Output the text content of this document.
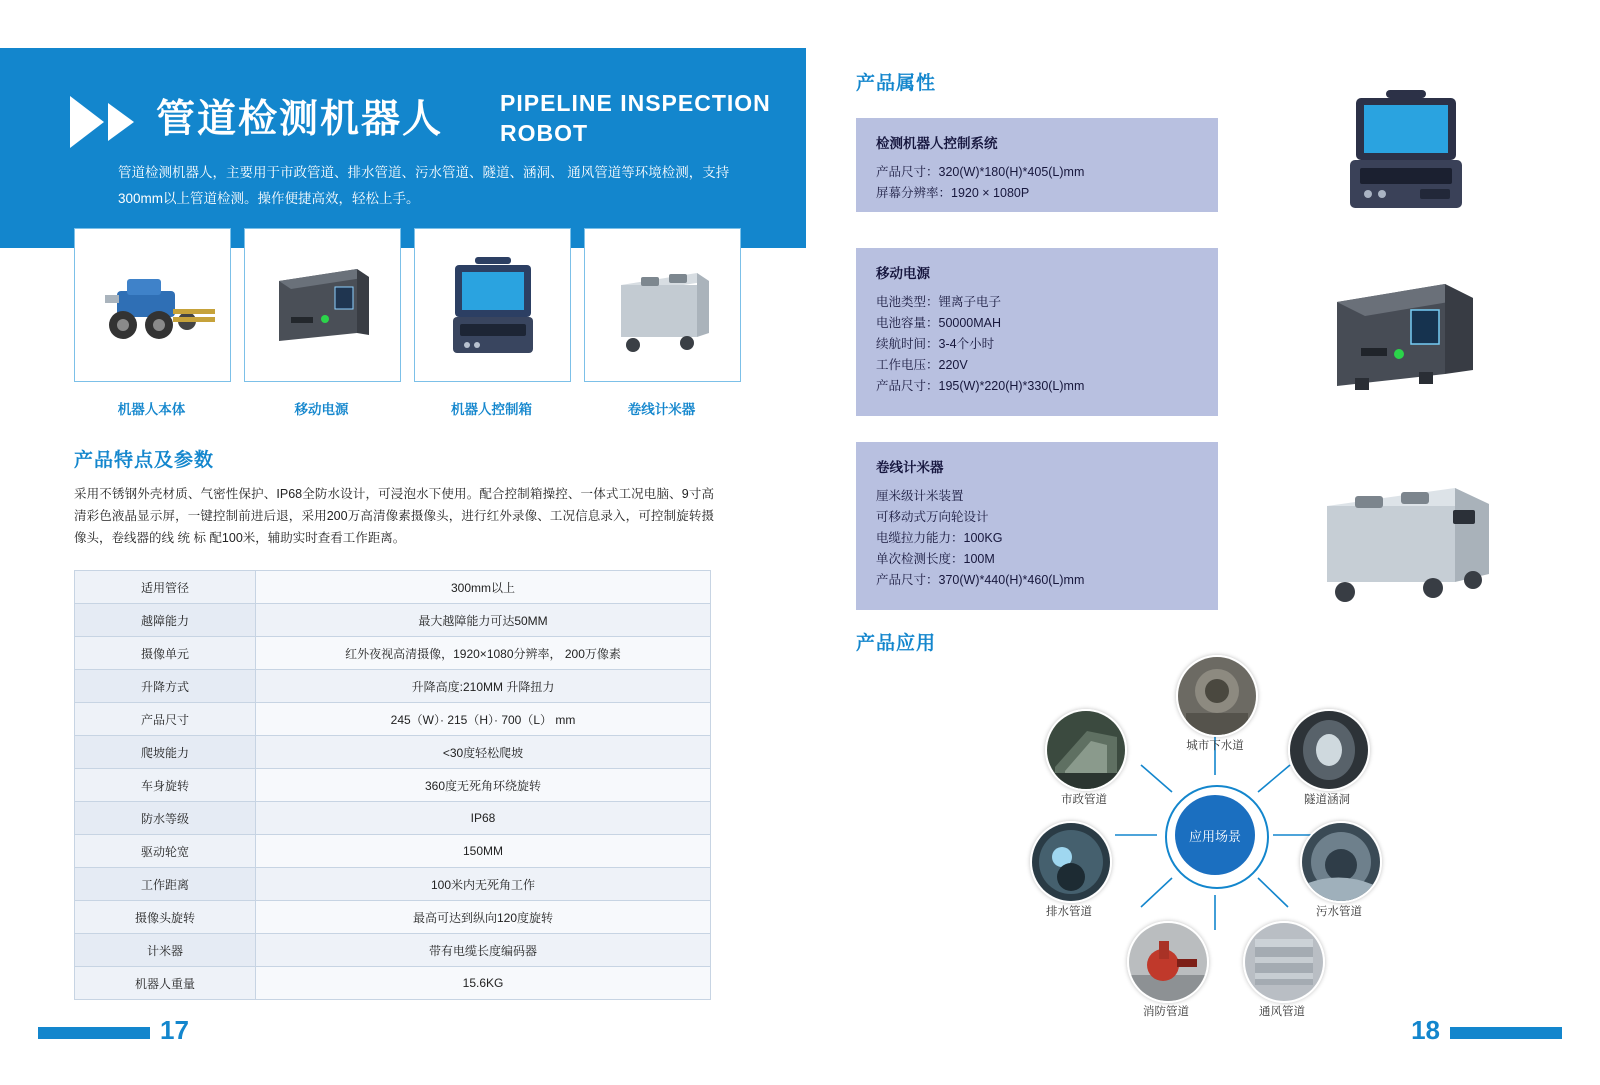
管道检测机器人 PIPELINE INSPECTION
ROBOT
管道检测机器人，主要用于市政管道、排水管道、污水管道、隧道、涵洞、 通风管道等环境检测，支持300mm以上管道检测。操作便捷高效，轻松上手。
机器人本体	移动电源	机器人控制箱	卷线计米器
产品特点及参数
采用不锈钢外壳材质、气密性保护、IP68全防水设计，可浸泡水下使用。配合控制箱操控、一体式工况电脑、9寸高清彩色液晶显示屏，一键控制前进后退，采用200万高清像素摄像头，进行红外录像、工况信息录入，可控制旋转摄像头，卷线器的线 统 标 配100米，辅助实时查看工作距离。
适用管径	300mm以上
越障能力	最大越障能力可达50MM
摄像单元	红外夜视高清摄像，1920×1080分辨率， 200万像素
升降方式	升降高度:210MM 升降扭力
产品尺寸	245（W）· 215（H）· 700（L） mm
爬坡能力	<30度轻松爬坡
车身旋转	360度无死角环绕旋转
防水等级	IP68
驱动轮宽	150MM
工作距离	100米内无死角工作
摄像头旋转	最高可达到纵向120度旋转
计米器	带有电缆长度编码器
机器人重量	15.6KG
17
产品属性
检测机器人控制系统
产品尺寸：320(W)*180(H)*405(L)mm
屏幕分辨率：1920 × 1080P
移动电源
电池类型：锂离子电子
电池容量：50000MAH
续航时间：3-4个小时
工作电压：220V
产品尺寸：195(W)*220(H)*330(L)mm
卷线计米器
厘米级计米装置
可移动式万向轮设计
电缆拉力能力：100KG
单次检测长度：100M
产品尺寸：370(W)*440(H)*460(L)mm
产品应用
应用场景
城市下水道
隧道涵洞
污水管道
通风管道
消防管道
排水管道
市政管道
18
